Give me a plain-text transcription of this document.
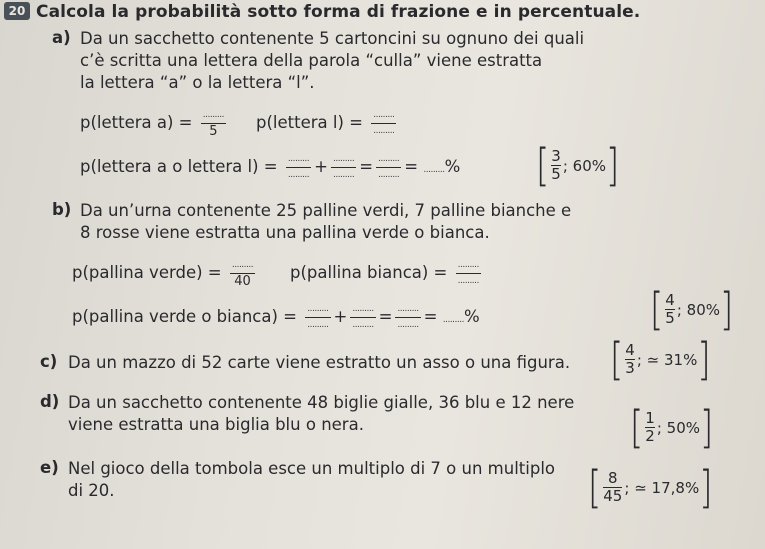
20 Calcola la probabilità sotto forma di frazione e in percentuale.
a) Da un sacchetto contenente 5 cartoncini su ognuno dei quali
c’è scritta una lettera della parola “culla” viene estratta
la lettera “a” o la lettera “l”.
p(lettera $a) = \frac{.........}{5}$ p(lettera $l) = \frac{.........}{.........}$
p(lettera a o lettera $l) = \frac{.........}{.........} + \frac{.........}{.........} = \frac{.........}{.........}$ = .........% [ 3
5 ;
60% ]
b) Da un’urna contenente 25 palline verdi, 7 palline bianche e
8 rosse viene estratta una pallina verde o bianca.
p(pallina verde) = $\frac{.........}{40}$ p(pallina bianca) = $\frac{.........}{.........}$
p(pallina verde o bianca) = $\frac{.........}{.........} + \frac{.........}{.........} = \frac{.........}{.........}$ = .........%	[ 4
5 ;
80% ]
c) Da un mazzo di 52 carte viene estratto un asso o una figura. [ 4
3 ;
≃ 31% ]
d) Da un sacchetto contenente 48 biglie gialle, 36 blu e 12 nere
viene estratta una biglia blu o nera.	[ 1
2 ;
50% ]
e) Nel gioco della tombola esce un multiplo di 7 o un multiplo
di 20.	[ 8
45 ;
≃ 17,8% ]
